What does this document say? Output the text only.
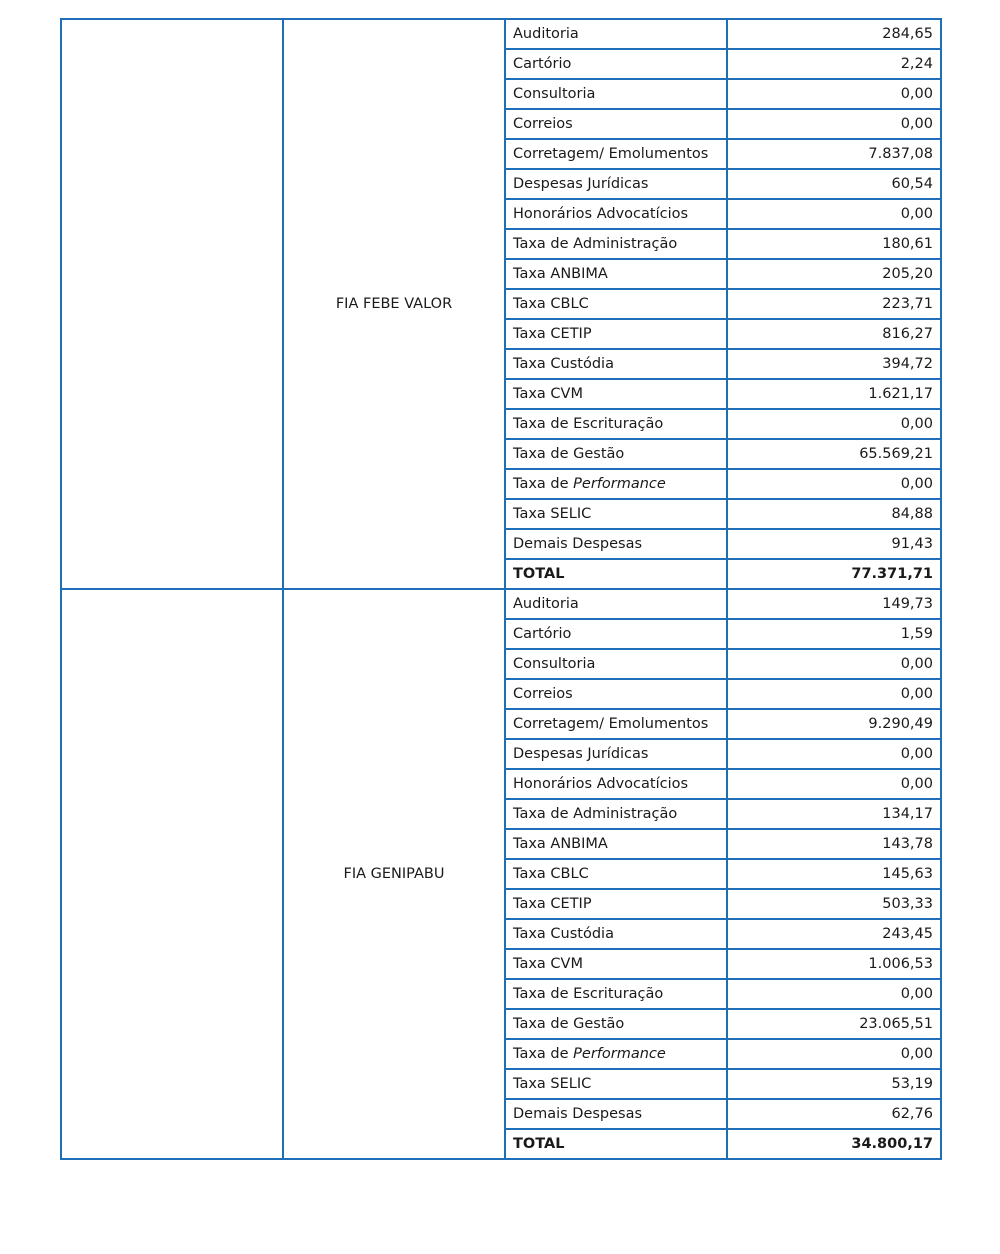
	FIA FEBE VALOR	Auditoria	284,65
		Cartório	2,24
		Consultoria	0,00
		Correios	0,00
		Corretagem/ Emolumentos	7.837,08
		Despesas Jurídicas	60,54
		Honorários Advocatícios	0,00
		Taxa de Administração	180,61
		Taxa ANBIMA	205,20
		Taxa CBLC	223,71
		Taxa CETIP	816,27
		Taxa Custódia	394,72
		Taxa CVM	1.621,17
		Taxa de Escrituração	0,00
		Taxa de Gestão	65.569,21
		Taxa de Performance	0,00
		Taxa SELIC	84,88
		Demais Despesas	91,43
		TOTAL	77.371,71
	FIA GENIPABU	Auditoria	149,73
		Cartório	1,59
		Consultoria	0,00
		Correios	0,00
		Corretagem/ Emolumentos	9.290,49
		Despesas Jurídicas	0,00
		Honorários Advocatícios	0,00
		Taxa de Administração	134,17
		Taxa ANBIMA	143,78
		Taxa CBLC	145,63
		Taxa CETIP	503,33
		Taxa Custódia	243,45
		Taxa CVM	1.006,53
		Taxa de Escrituração	0,00
		Taxa de Gestão	23.065,51
		Taxa de Performance	0,00
		Taxa SELIC	53,19
		Demais Despesas	62,76
		TOTAL	34.800,17
